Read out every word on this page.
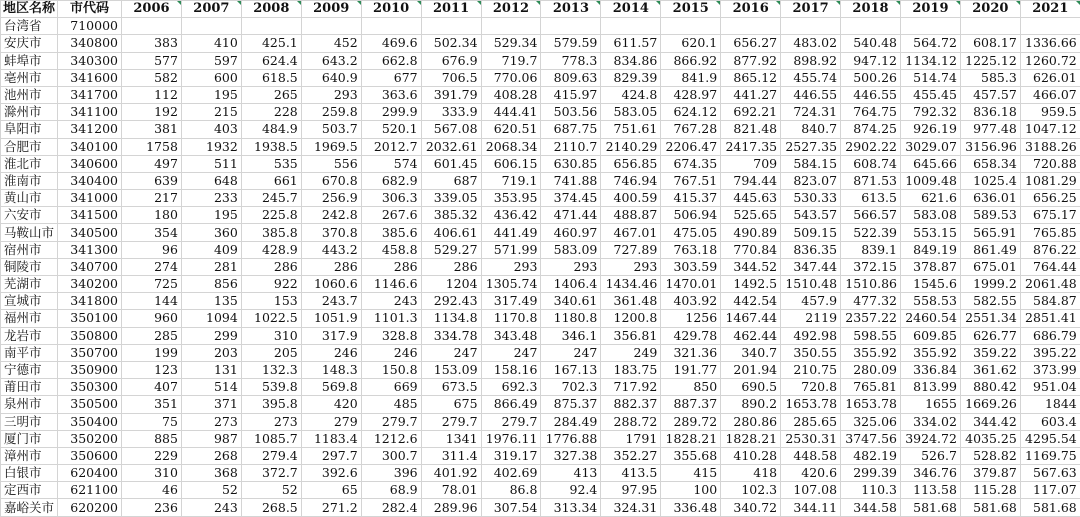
地区名称	市代码	2006	2007	2008	2009	2010	2011	2012	2013	2014	2015	2016	2017	2018	2019	2020	2021
台湾省	710000																
安庆市	340800	383	410	425.1	452	469.6	502.34	529.34	579.59	611.57	620.1	656.27	483.02	540.48	564.72	608.17	1336.66
蚌埠市	340300	577	597	624.4	643.2	662.8	676.9	719.7	778.3	834.86	866.92	877.92	898.92	947.12	1134.12	1225.12	1260.72
亳州市	341600	582	600	618.5	640.9	677	706.5	770.06	809.63	829.39	841.9	865.12	455.74	500.26	514.74	585.3	626.01
池州市	341700	112	195	265	293	363.6	391.79	408.28	415.97	424.8	428.97	441.27	446.55	446.55	455.45	457.57	466.07
滁州市	341100	192	215	228	259.8	299.9	333.9	444.41	503.56	583.05	624.12	692.21	724.31	764.75	792.32	836.18	959.5
阜阳市	341200	381	403	484.9	503.7	520.1	567.08	620.51	687.75	751.61	767.28	821.48	840.7	874.25	926.19	977.48	1047.12
合肥市	340100	1758	1932	1938.5	1969.5	2012.7	2032.61	2068.34	2110.7	2140.29	2206.47	2417.35	2527.35	2902.22	3029.07	3156.96	3188.26
淮北市	340600	497	511	535	556	574	601.45	606.15	630.85	656.85	674.35	709	584.15	608.74	645.66	658.34	720.88
淮南市	340400	639	648	661	670.8	682.9	687	719.1	741.88	746.94	767.51	794.44	823.07	871.53	1009.48	1025.4	1081.29
黄山市	341000	217	233	245.7	256.9	306.3	339.05	353.95	374.45	400.59	415.37	445.63	530.33	613.5	621.6	636.01	656.25
六安市	341500	180	195	225.8	242.8	267.6	385.32	436.42	471.44	488.87	506.94	525.65	543.57	566.57	583.08	589.53	675.17
马鞍山市	340500	354	360	385.8	370.8	385.6	406.61	441.49	460.97	467.01	475.05	490.89	509.15	522.39	553.15	565.91	765.85
宿州市	341300	96	409	428.9	443.2	458.8	529.27	571.99	583.09	727.89	763.18	770.84	836.35	839.1	849.19	861.49	876.22
铜陵市	340700	274	281	286	286	286	286	293	293	293	303.59	344.52	347.44	372.15	378.87	675.01	764.44
芜湖市	340200	725	856	922	1060.6	1146.6	1204	1305.74	1406.4	1434.46	1470.01	1492.5	1510.48	1510.86	1545.6	1999.2	2061.48
宣城市	341800	144	135	153	243.7	243	292.43	317.49	340.61	361.48	403.92	442.54	457.9	477.32	558.53	582.55	584.87
福州市	350100	960	1094	1022.5	1051.9	1101.3	1134.8	1170.8	1180.8	1200.8	1256	1467.44	2119	2357.22	2460.54	2551.34	2851.41
龙岩市	350800	285	299	310	317.9	328.8	334.78	343.48	346.1	356.81	429.78	462.44	492.98	598.55	609.85	626.77	686.79
南平市	350700	199	203	205	246	246	247	247	247	249	321.36	340.7	350.55	355.92	355.92	359.22	395.22
宁德市	350900	123	131	132.3	148.3	150.8	153.09	158.16	167.13	183.75	191.77	201.94	210.75	280.09	336.84	361.62	373.99
莆田市	350300	407	514	539.8	569.8	669	673.5	692.3	702.3	717.92	850	690.5	720.8	765.81	813.99	880.42	951.04
泉州市	350500	351	371	395.8	420	485	675	866.49	875.37	882.37	887.37	890.2	1653.78	1653.78	1655	1669.26	1844
三明市	350400	75	273	273	279	279.7	279.7	279.7	284.49	288.72	289.72	280.86	285.65	325.06	334.02	344.42	603.4
厦门市	350200	885	987	1085.7	1183.4	1212.6	1341	1976.11	1776.88	1791	1828.21	1828.21	2530.31	3747.56	3924.72	4035.25	4295.54
漳州市	350600	229	268	279.4	297.7	300.7	311.4	319.17	327.38	352.27	355.68	410.28	448.58	482.19	526.7	528.82	1169.75
白银市	620400	310	368	372.7	392.6	396	401.92	402.69	413	413.5	415	418	420.6	299.39	346.76	379.87	567.63
定西市	621100	46	52	52	65	68.9	78.01	86.8	92.4	97.95	100	102.3	107.08	110.3	113.58	115.28	117.07
嘉峪关市	620200	236	243	268.5	271.2	282.4	289.96	307.54	313.34	324.31	336.48	340.72	344.11	344.58	581.68	581.68	581.68
